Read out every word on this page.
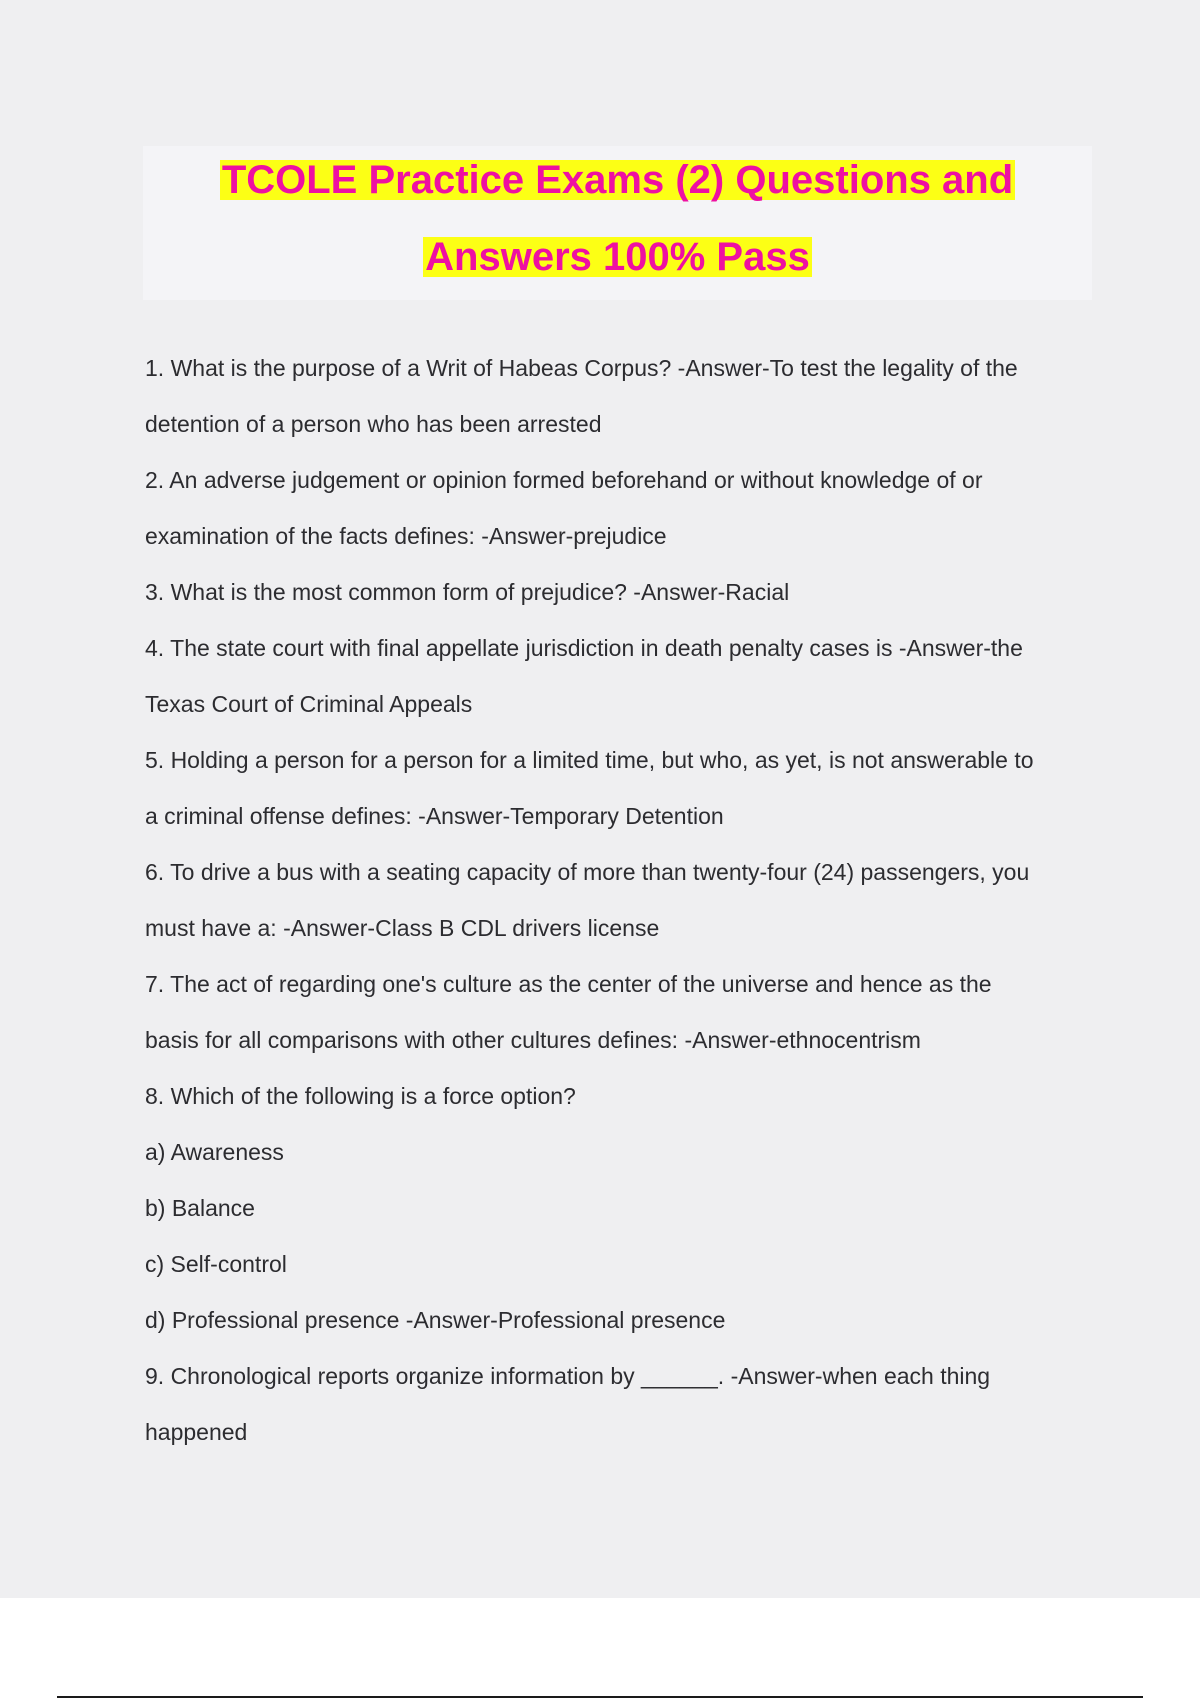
TCOLE Practice Exams (2) Questions and
Answers 100% Pass
1. What is the purpose of a Writ of Habeas Corpus? -Answer-To test the legality of the
detention of a person who has been arrested
2. An adverse judgement or opinion formed beforehand or without knowledge of or
examination of the facts defines: -Answer-prejudice
3. What is the most common form of prejudice? -Answer-Racial
4. The state court with final appellate jurisdiction in death penalty cases is -Answer-the
Texas Court of Criminal Appeals
5. Holding a person for a person for a limited time, but who, as yet, is not answerable to
a criminal offense defines: -Answer-Temporary Detention
6. To drive a bus with a seating capacity of more than twenty-four (24) passengers, you
must have a: -Answer-Class B CDL drivers license
7. The act of regarding one's culture as the center of the universe and hence as the
basis for all comparisons with other cultures defines: -Answer-ethnocentrism
8. Which of the following is a force option?
a) Awareness
b) Balance
c) Self-control
d) Professional presence -Answer-Professional presence
9. Chronological reports organize information by ______. -Answer-when each thing
happened
